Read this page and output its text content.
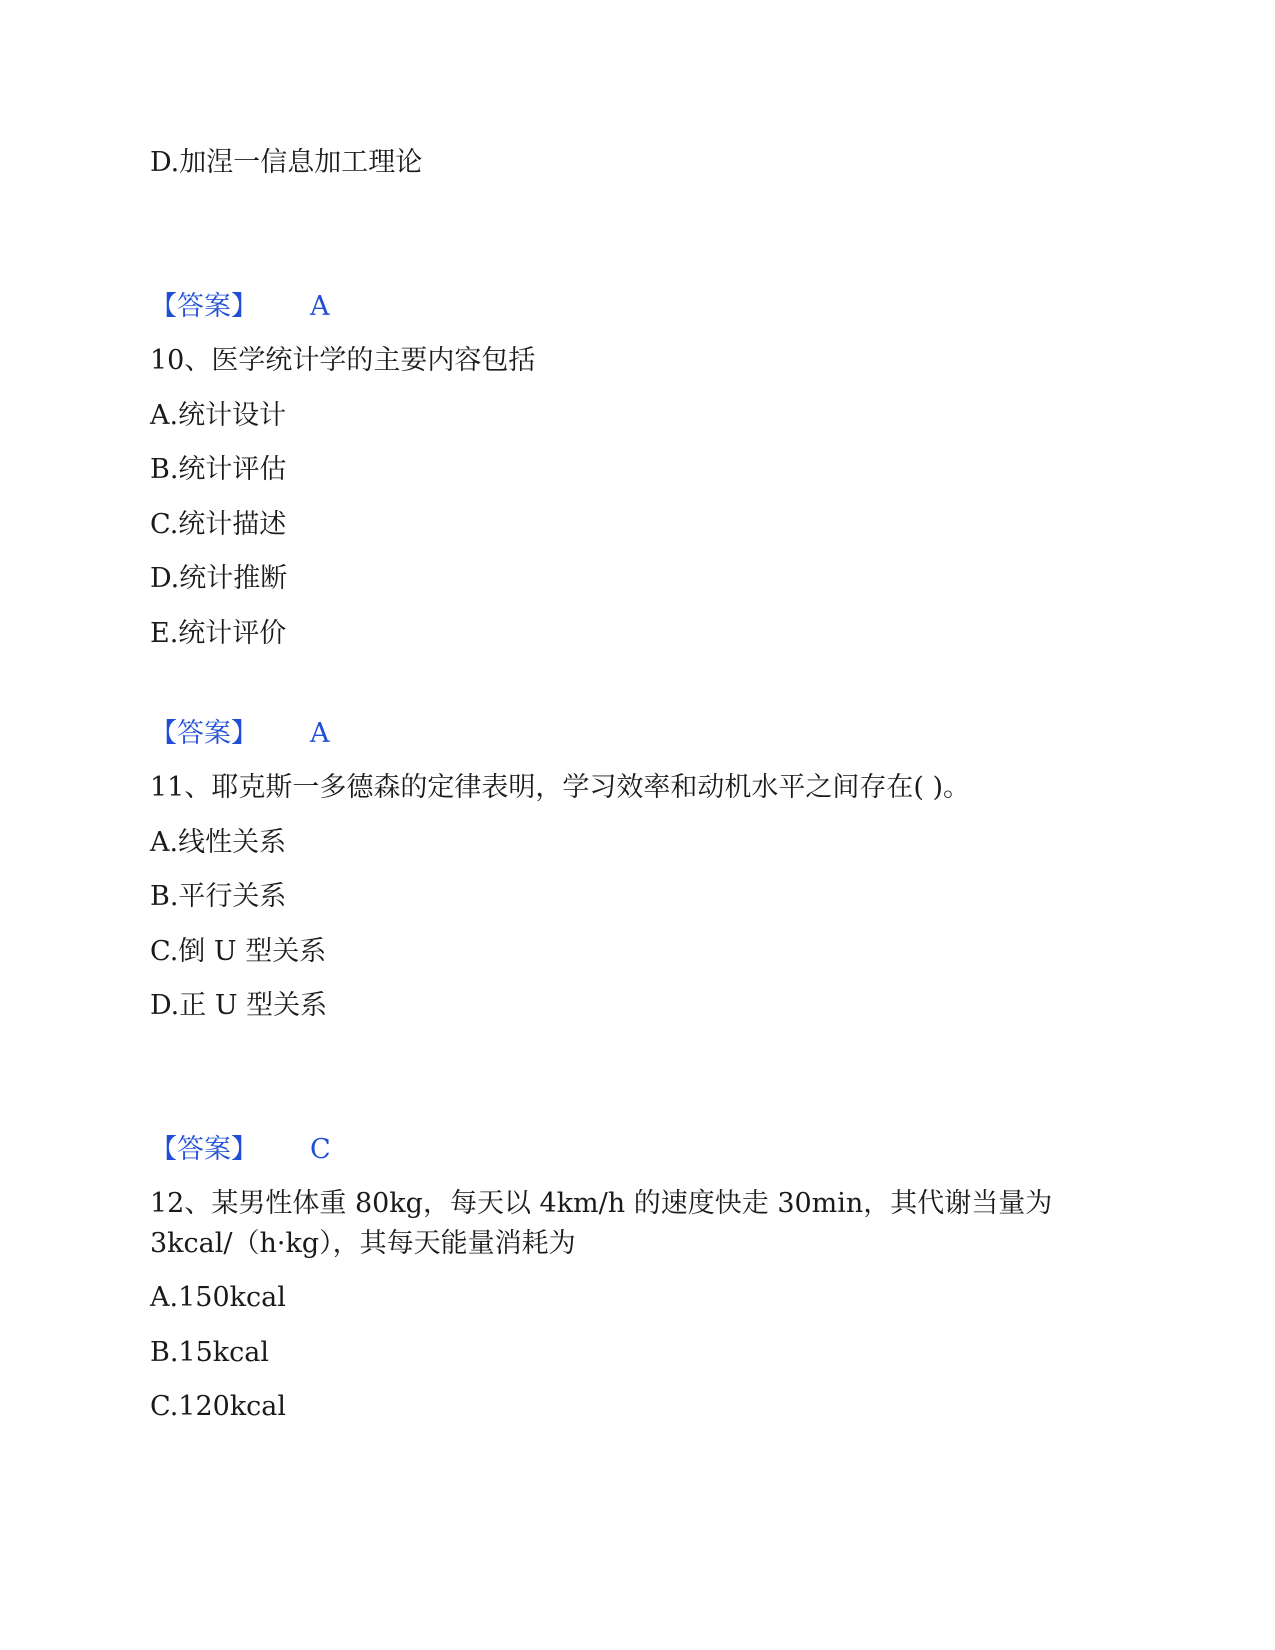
D.加涅一信息加工理论
【答案】 A
10、医学统计学的主要内容包括
A.统计设计
B.统计评估
C.统计描述
D.统计推断
E.统计评价
【答案】 A
11、耶克斯一多德森的定律表明，学习效率和动机水平之间存在( )。
A.线性关系
B.平行关系
C.倒 U 型关系
D.正 U 型关系
【答案】 C
12、某男性体重 80kg，每天以 4km/h 的速度快走 30min，其代谢当量为
3kcal/（h·kg），其每天能量消耗为
A.150kcal
B.15kcal
C.120kcal
